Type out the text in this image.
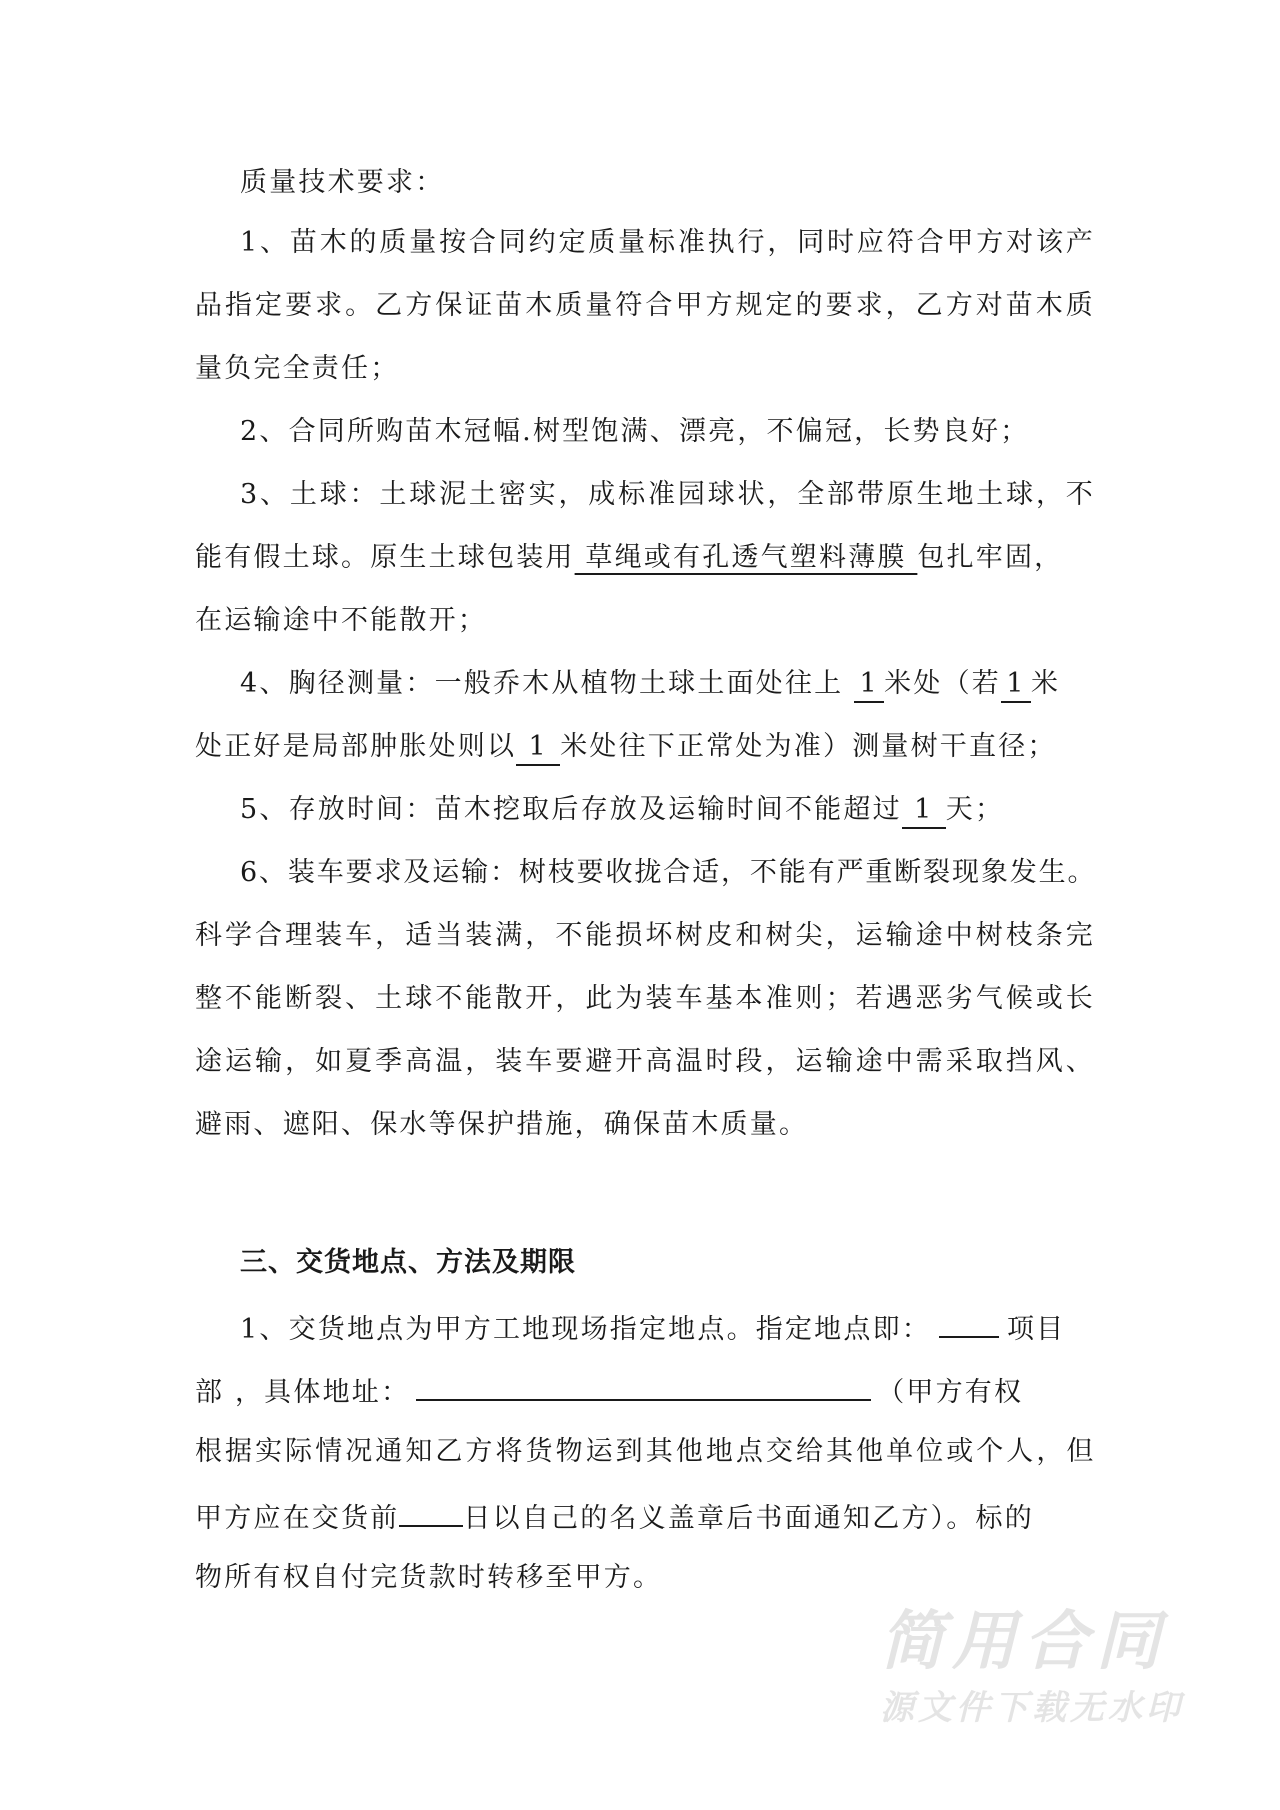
质量技术要求：
1、苗木的质量按合同约定质量标准执行，同时应符合甲方对该产
品指定要求。乙方保证苗木质量符合甲方规定的要求，乙方对苗木质
量负完全责任；
2、合同所购苗木冠幅.树型饱满、漂亮，不偏冠，长势良好；
3、土球：土球泥土密实，成标准园球状，全部带原生地土球，不
能有假土球。原生土球包装用 草绳或有孔透气塑料薄膜 包扎牢固，
在运输途中不能散开；
4、胸径测量：一般乔木从植物土球土面处往上 1 米处（若 1 米
处正好是局部肿胀处则以 1 米处往下正常处为准）测量树干直径；
5、存放时间：苗木挖取后存放及运输时间不能超过 1 天；
6、装车要求及运输：树枝要收拢合适，不能有严重断裂现象发生。
科学合理装车，适当装满，不能损坏树皮和树尖，运输途中树枝条完
整不能断裂、土球不能散开，此为装车基本准则；若遇恶劣气候或长
途运输，如夏季高温，装车要避开高温时段，运输途中需采取挡风、
避雨、遮阳、保水等保护措施，确保苗木质量。
三、交货地点、方法及期限
1、交货地点为甲方工地现场指定地点。指定地点即：	项目
部 ，具体地址：	（甲方有权
根据实际情况通知乙方将货物运到其他地点交给其他单位或个人，但
甲方应在交货前 日以自己的名义盖章后书面通知乙方）。标的
物所有权自付完货款时转移至甲方。
简用合同
源文件下载无水印
